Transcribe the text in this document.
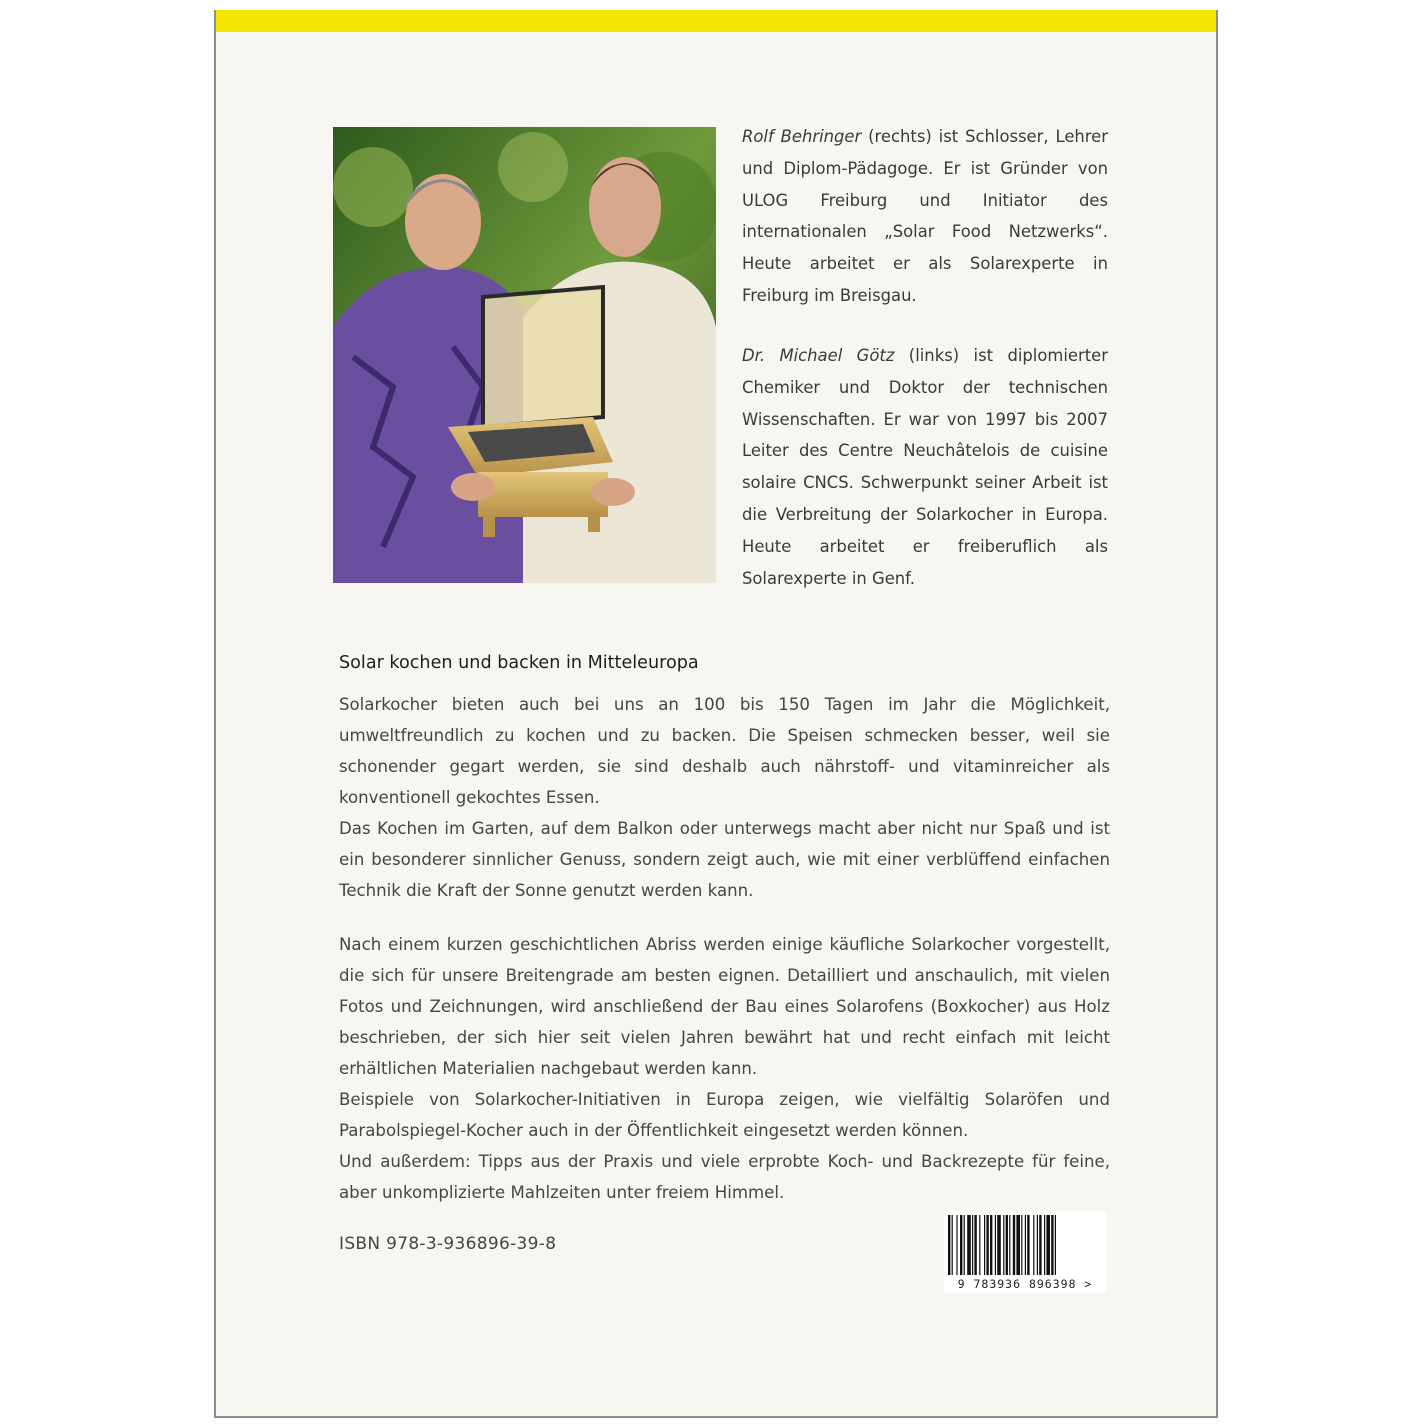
Rolf Behringer (rechts) ist Schlosser, Lehrer und Diplom-Pädagoge. Er ist Gründer von ULOG Freiburg und Initiator des internationalen „Solar Food Netzwerks“. Heute arbeitet er als Solarexperte in Freiburg im Breisgau.

Dr. Michael Götz (links) ist diplomierter Chemiker und Doktor der technischen Wissenschaften. Er war von 1997 bis 2007 Leiter des Centre Neuchâtelois de cuisine solaire CNCS. Schwerpunkt seiner Arbeit ist die Verbreitung der Solarkocher in Europa. Heute arbeitet er freiberuflich als Solarexperte in Genf.

Solar kochen und backen in Mitteleuropa
Solarkocher bieten auch bei uns an 100 bis 150 Tagen im Jahr die Möglichkeit, umweltfreundlich zu kochen und zu backen. Die Speisen schmecken besser, weil sie schonender gegart werden, sie sind deshalb auch nährstoff- und vitaminreicher als konventionell gekochtes Essen.
Das Kochen im Garten, auf dem Balkon oder unterwegs macht aber nicht nur Spaß und ist ein besonderer sinnlicher Genuss, sondern zeigt auch, wie mit einer verblüffend einfachen Technik die Kraft der Sonne genutzt werden kann.
Nach einem kurzen geschichtlichen Abriss werden einige käufliche Solarkocher vorgestellt, die sich für unsere Breitengrade am besten eignen. Detailliert und anschaulich, mit vielen Fotos und Zeichnungen, wird anschließend der Bau eines Solarofens (Boxkocher) aus Holz beschrieben, der sich hier seit vielen Jahren bewährt hat und recht einfach mit leicht erhältlichen Materialien nachgebaut werden kann.
Beispiele von Solarkocher-Initiativen in Europa zeigen, wie vielfältig Solaröfen und Parabolspiegel-Kocher auch in der Öffentlichkeit eingesetzt werden können.
Und außerdem: Tipps aus der Praxis und viele erprobte Koch- und Backrezepte für feine, aber unkomplizierte Mahlzeiten unter freiem Himmel.

ISBN 978-3-936896-39-8

9 783936 896398 >
